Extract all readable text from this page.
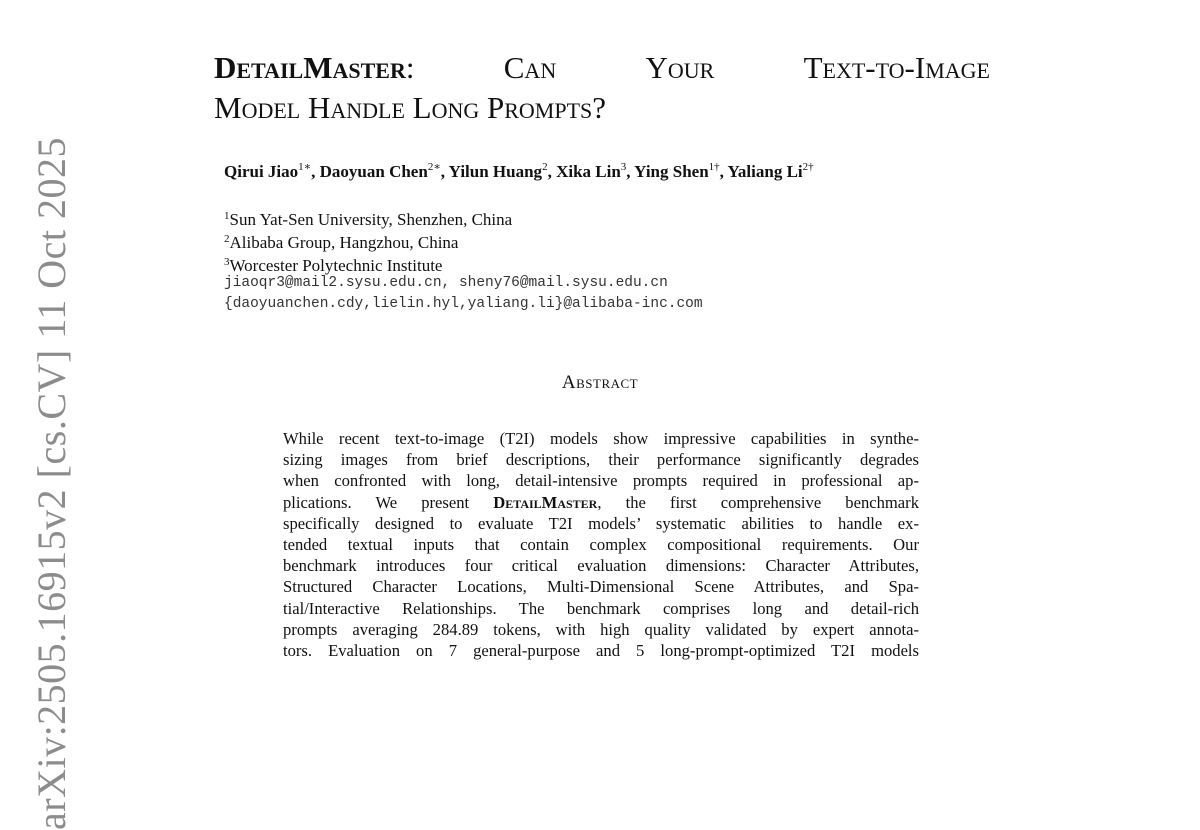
arXiv:2505.16915v2 [cs.CV] 11 Oct 2025
DetailMaster:	Can	Your	Text-to-Image
Model Handle Long Prompts?
Qirui Jiao$^{1∗}$, Daoyuan Chen$^{2∗}$, Yilun Huang$^2$, Xika Lin$^3$, Ying Shen$^{1\dagger}$, Yaliang $Li^{2\dagger}$
$^1$Sun Yat-Sen University, Shenzhen, China
$^2$Alibaba Group, Hangzhou, China
$^3$Worcester Polytechnic Institute
jiaoqr3@mail2.sysu.edu.cn, sheny76@mail.sysu.edu.cn
{daoyuanchen.cdy,lielin.hyl,yaliang.li}@alibaba-inc.com
Abstract
While recent text-to-image (T2I) models show impressive capabilities in synthe-
sizing images from brief descriptions, their performance significantly degrades
when confronted with long, detail-intensive prompts required in professional ap-
plications. We present DetailMaster, the first comprehensive benchmark
specifically designed to evaluate T2I models’ systematic abilities to handle ex-
tended textual inputs that contain complex compositional requirements. Our
benchmark introduces four critical evaluation dimensions: Character Attributes,
Structured Character Locations, Multi-Dimensional Scene Attributes, and Spa-
tial/Interactive Relationships. The benchmark comprises long and detail-rich
prompts averaging 284.89 tokens, with high quality validated by expert annota-
tors. Evaluation on 7 general-purpose and 5 long-prompt-optimized T2I models
